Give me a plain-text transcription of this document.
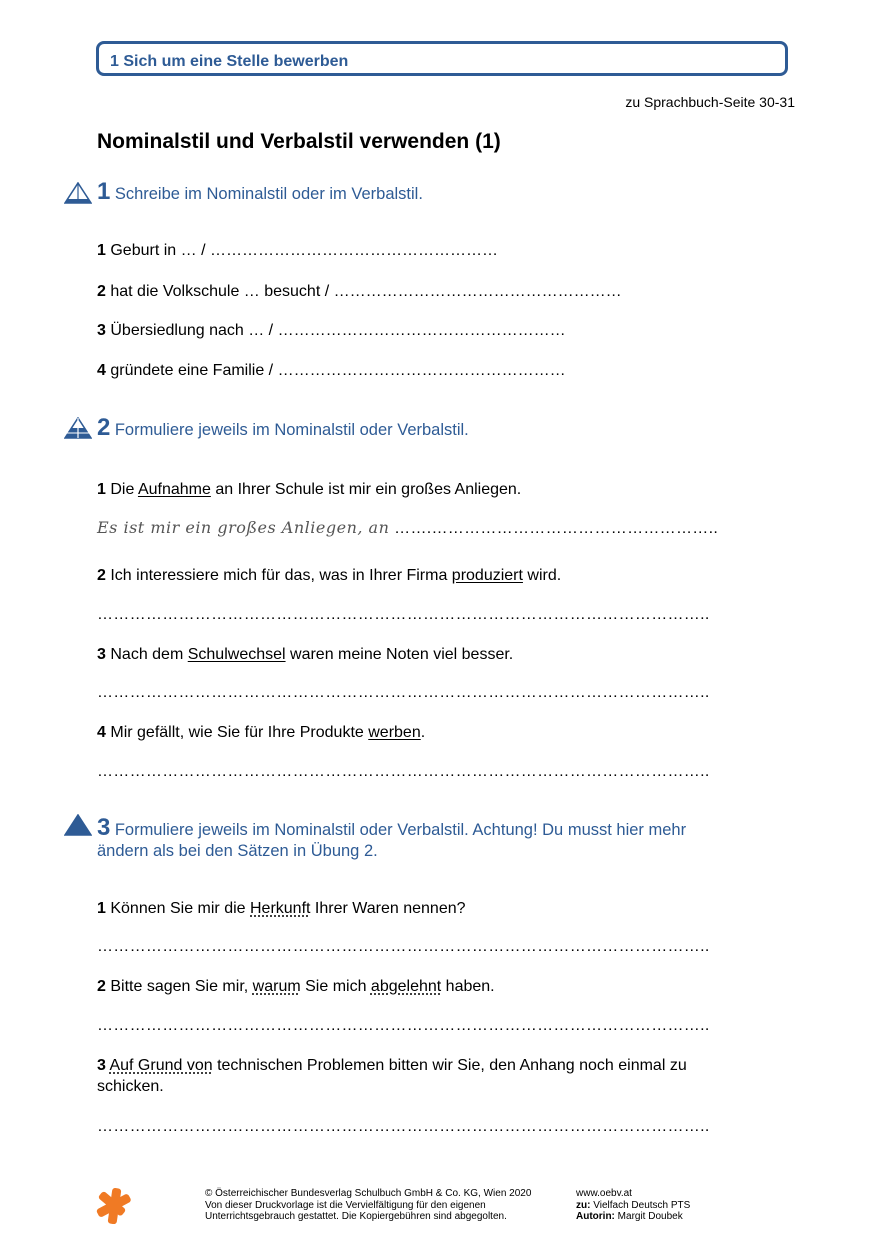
1 Sich um eine Stelle bewerben
zu Sprachbuch-Seite 30-31
Nominalstil und Verbalstil verwenden (1)
1 Schreibe im Nominalstil oder im Verbalstil.
1 Geburt in … / ………………………………………………
2 hat die Volkschule … besucht / ………………………………………………
3 Übersiedlung nach … / ………………………………………………
4 gründete eine Familie / ………………………………………………
2 Formuliere jeweils im Nominalstil oder Verbalstil.
1 Die Aufnahme an Ihrer Schule ist mir ein großes Anliegen.
Es ist mir ein großes Anliegen, an …….……………………………………………..
2 Ich interessiere mich für das, was in Ihrer Firma produziert wird.
…………………………………………………………………………………………………..
3 Nach dem Schulwechsel waren meine Noten viel besser.
…………………………………………………………………………………………………..
4 Mir gefällt, wie Sie für Ihre Produkte werben.
…………………………………………………………………………………………………..
3 Formuliere jeweils im Nominalstil oder Verbalstil. Achtung! Du musst hier mehr
ändern als bei den Sätzen in Übung 2.
1 Können Sie mir die Herkunft Ihrer Waren nennen?
…………………………………………………………………………………………………..
2 Bitte sagen Sie mir, warum Sie mich abgelehnt haben.
…………………………………………………………………………………………………..
3 Auf Grund von technischen Problemen bitten wir Sie, den Anhang noch einmal zu
schicken.
…………………………………………………………………………………………………..
© Österreichischer Bundesverlag Schulbuch GmbH & Co. KG, Wien 2020
Von dieser Druckvorlage ist die Vervielfältigung für den eigenen
Unterrichtsgebrauch gestattet. Die Kopiergebühren sind abgegolten.
www.oebv.at
zu: Vielfach Deutsch PTS
Autorin: Margit Doubek
